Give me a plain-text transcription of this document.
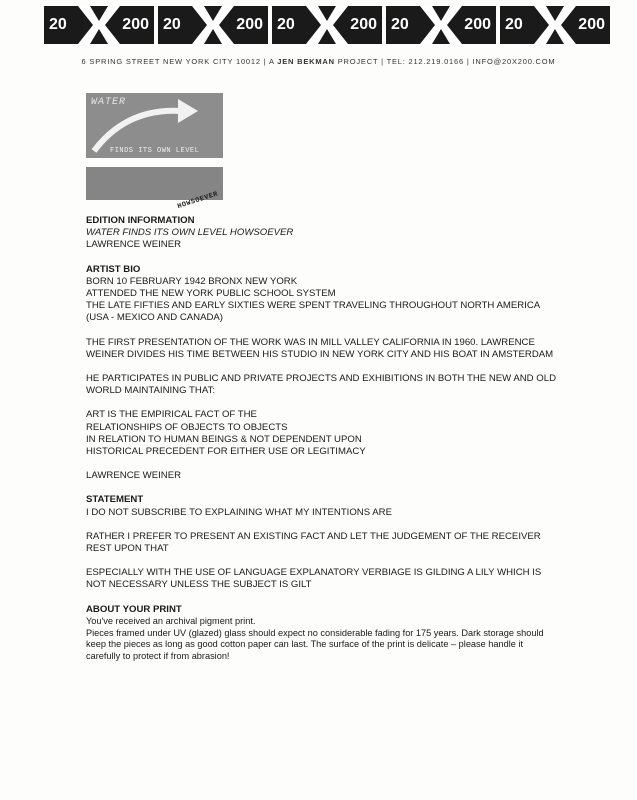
20	200 20	200 20	200 20	200 20	200
6 SPRING STREET NEW YORK CITY 10012 | A JEN BEKMAN PROJECT | TEL: 212.219.0166 | INFO@20X200.COM
WATER
FINDS ITS OWN LEVEL
HOWSOEVER

EDITION INFORMATION

WATER FINDS ITS OWN LEVEL HOWSOEVER

LAWRENCE WEINER

ARTIST BIO

BORN 10 FEBRUARY 1942 BRONX NEW YORK

ATTENDED THE NEW YORK PUBLIC SCHOOL SYSTEM

THE LATE FIFTIES AND EARLY SIXTIES WERE SPENT TRAVELING THROUGHOUT NORTH AMERICA

(USA - MEXICO AND CANADA)

THE FIRST PRESENTATION OF THE WORK WAS IN MILL VALLEY CALIFORNIA IN 1960. LAWRENCE

WEINER DIVIDES HIS TIME BETWEEN HIS STUDIO IN NEW YORK CITY AND HIS BOAT IN AMSTERDAM

HE PARTICIPATES IN PUBLIC AND PRIVATE PROJECTS AND EXHIBITIONS IN BOTH THE NEW AND OLD

WORLD MAINTAINING THAT:

ART IS THE EMPIRICAL FACT OF THE

RELATIONSHIPS OF OBJECTS TO OBJECTS

IN RELATION TO HUMAN BEINGS & NOT DEPENDENT UPON

HISTORICAL PRECEDENT FOR EITHER USE OR LEGITIMACY

LAWRENCE WEINER

STATEMENT

I DO NOT SUBSCRIBE TO EXPLAINING WHAT MY INTENTIONS ARE

RATHER I PREFER TO PRESENT AN EXISTING FACT AND LET THE JUDGEMENT OF THE RECEIVER

REST UPON THAT

ESPECIALLY WITH THE USE OF LANGUAGE EXPLANATORY VERBIAGE IS GILDING A LILY WHICH IS

NOT NECESSARY UNLESS THE SUBJECT IS GILT

ABOUT YOUR PRINT

You've received an archival pigment print.

Pieces framed under UV (glazed) glass should expect no considerable fading for 175 years. Dark storage should

keep the pieces as long as good cotton paper can last. The surface of the print is delicate – please handle it

carefully to protect if from abrasion!
